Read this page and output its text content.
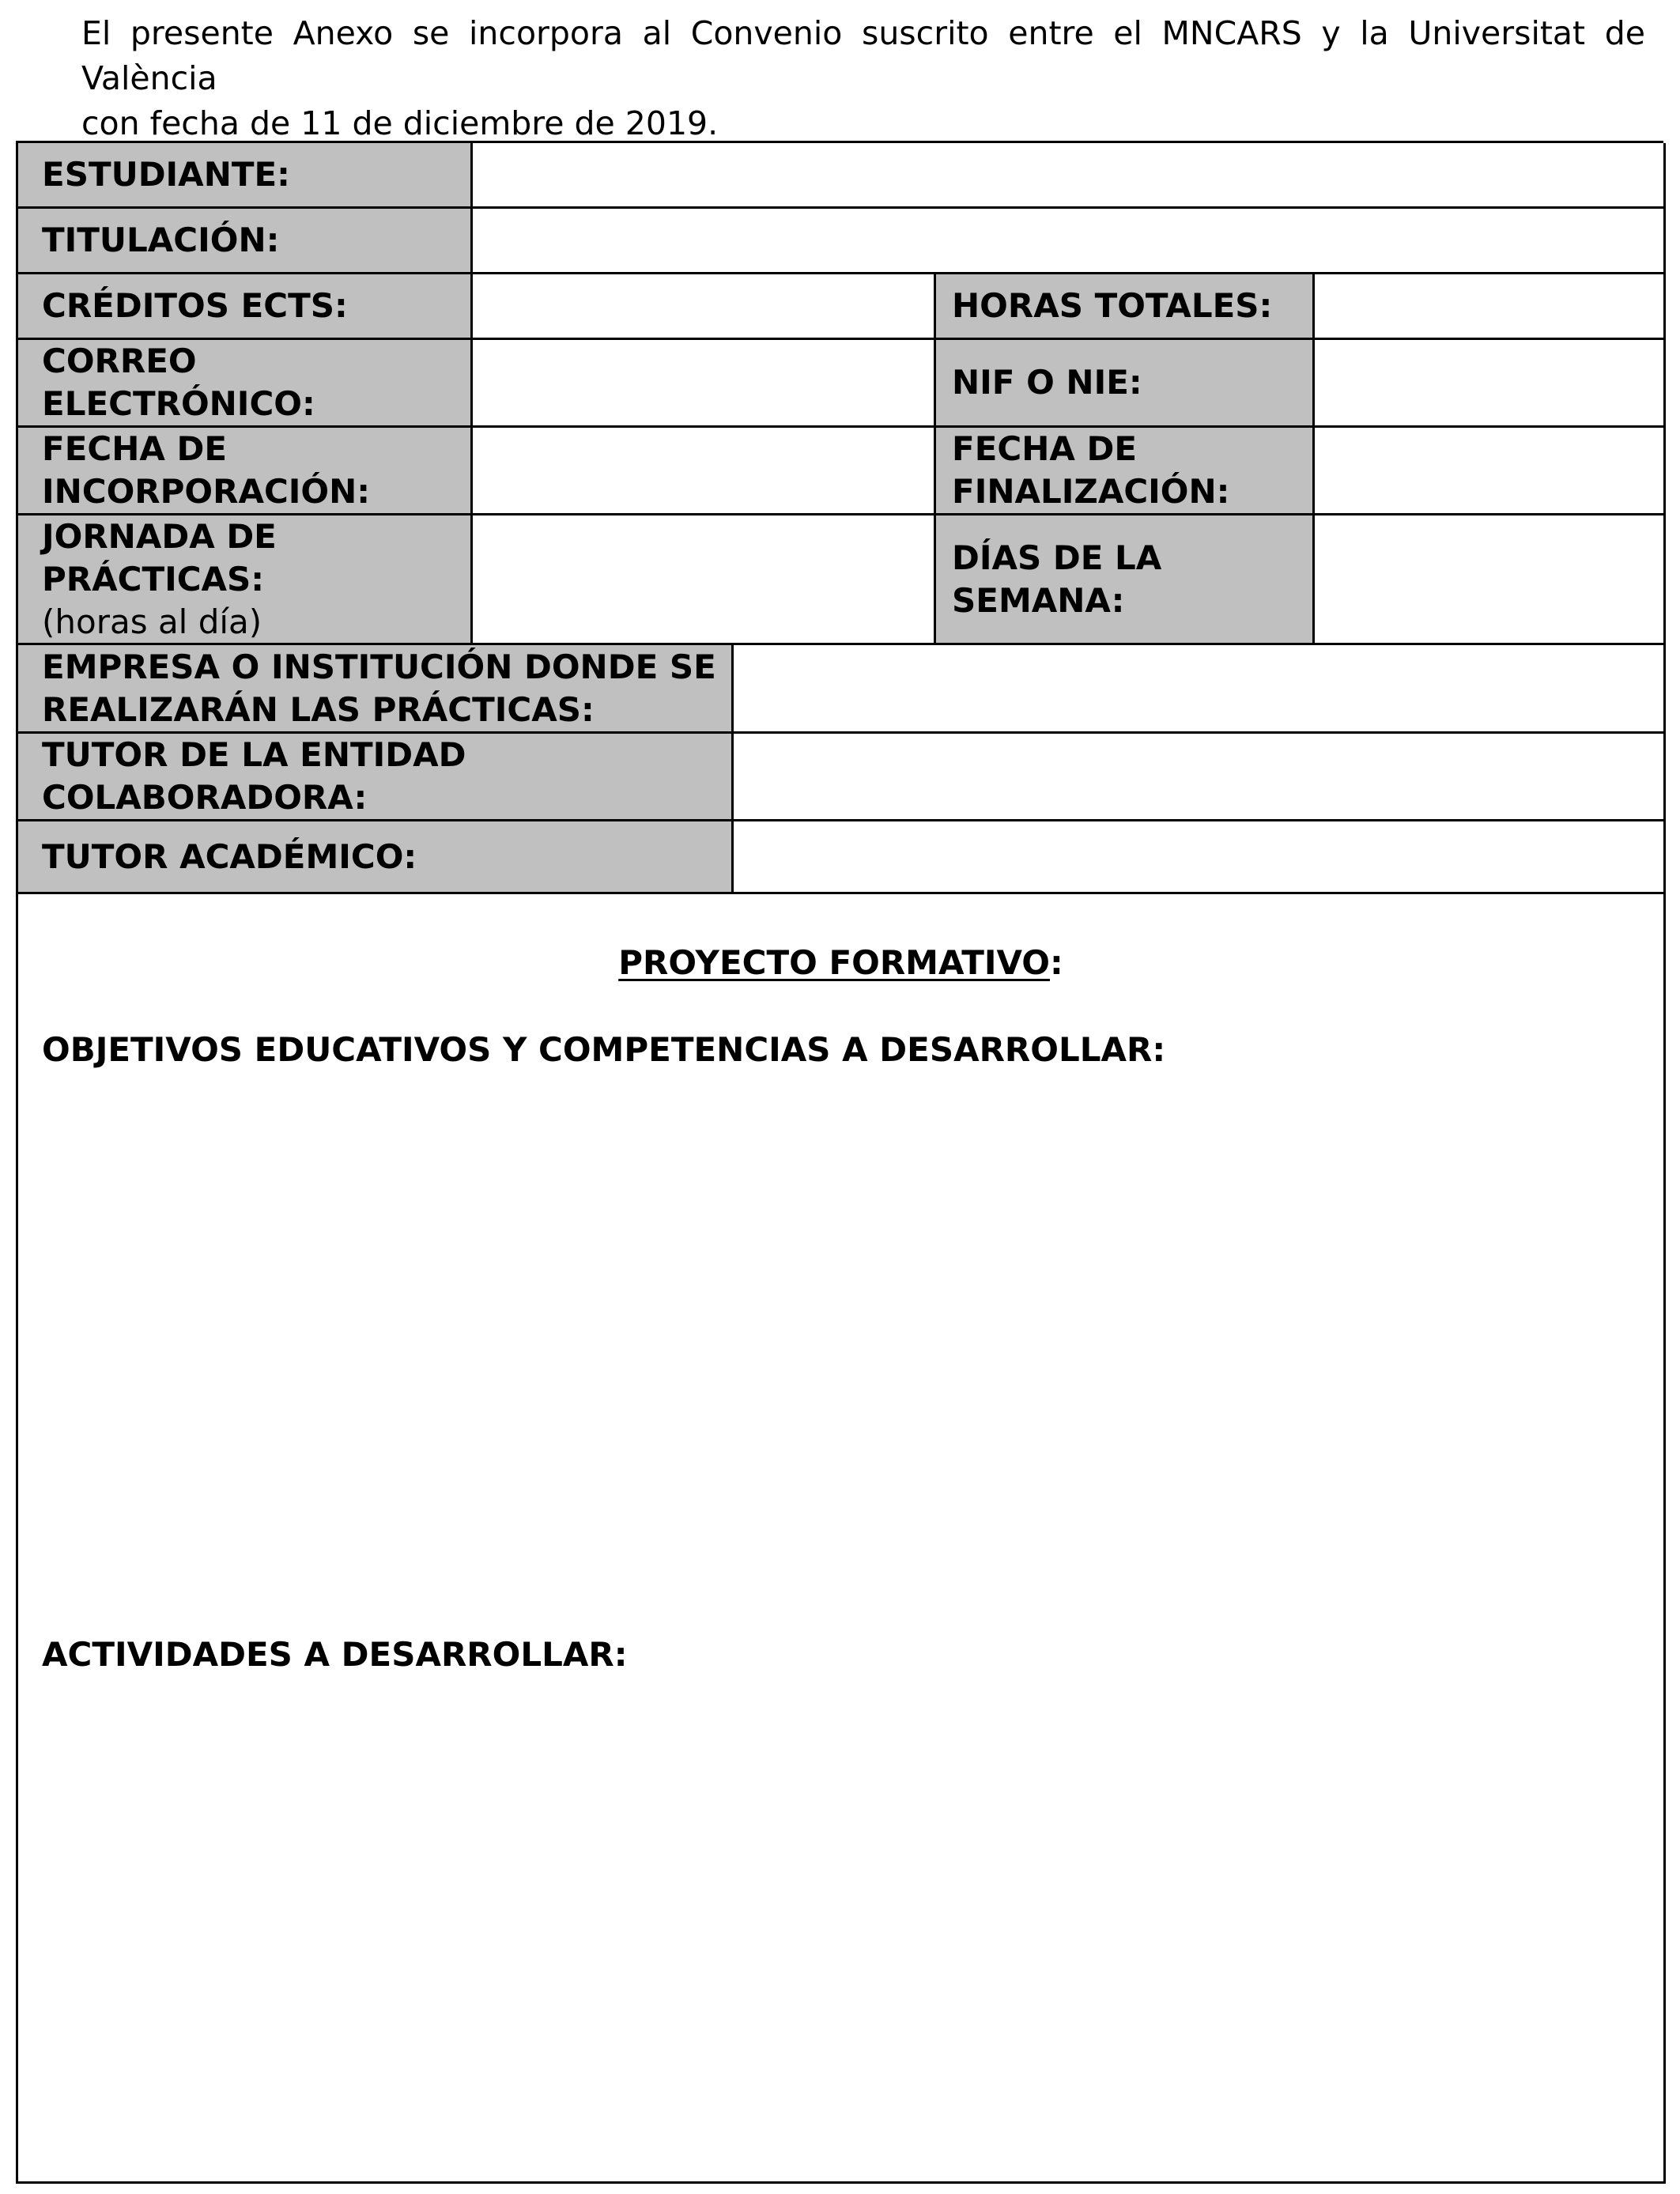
El presente Anexo se incorpora al Convenio suscrito entre el MNCARS y la Universitat de València
con fecha de 11 de diciembre de 2019.

ESTUDIANTE:
TITULACIÓN:
CRÉDITOS ECTS:	HORAS TOTALES:
CORREO
ELECTRÓNICO:
NIF O NIE:
FECHA DE
INCORPORACIÓN:
FECHA DE
FINALIZACIÓN:
JORNADA DE
PRÁCTICAS:
(horas al día)
DÍAS DE LA
SEMANA:
EMPRESA O INSTITUCIÓN DONDE SE
REALIZARÁN LAS PRÁCTICAS:
TUTOR DE LA ENTIDAD
COLABORADORA:
TUTOR ACADÉMICO:
PROYECTO FORMATIVO:
OBJETIVOS EDUCATIVOS Y COMPETENCIAS A DESARROLLAR:
ACTIVIDADES A DESARROLLAR:
